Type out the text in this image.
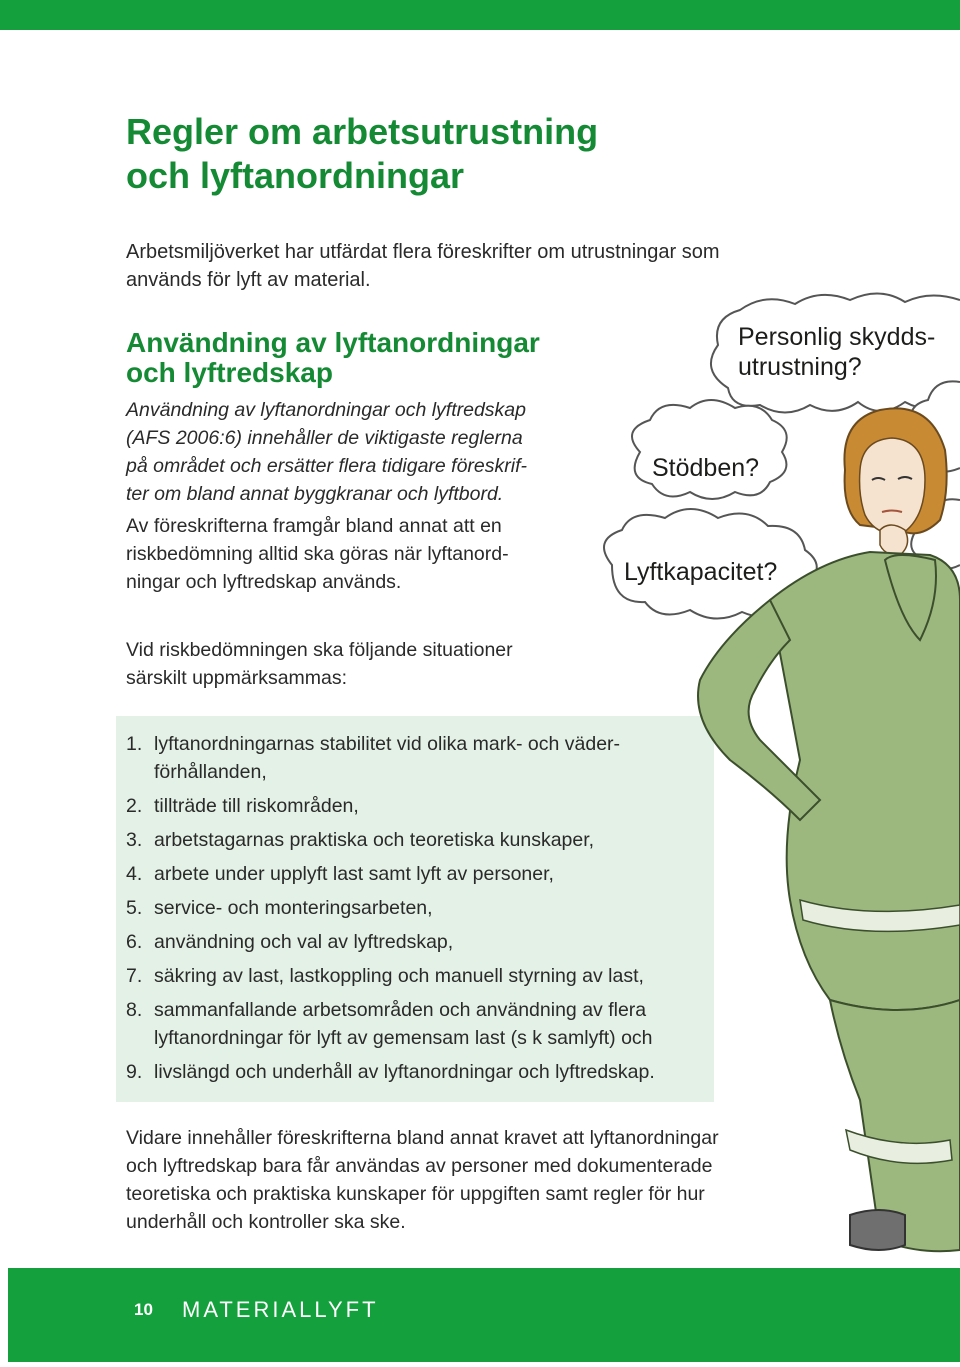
Regler om arbetsutrustning
och lyftanordningar

Arbetsmiljöverket har utfärdat flera föreskrifter om utrustningar som
används för lyft av material.

Användning av lyftanordningar
och lyftredskap

Användning av lyftanordningar och lyftredskap
(AFS 2006:6) innehåller de viktigaste reglerna
på området och ersätter flera tidigare föreskrif-
ter om bland annat byggkranar och lyftbord.

Av föreskrifterna framgår bland annat att en
riskbedömning alltid ska göras när lyftanord-
ningar och lyftredskap används.

Vid riskbedömningen ska följande situationer
särskilt uppmärksammas:

1. lyftanordningarnas stabilitet vid olika mark- och väder-
förhållanden,
2. tillträde till riskområden,
3. arbetstagarnas praktiska och teoretiska kunskaper,
4. arbete under upplyft last samt lyft av personer,
5. service- och monteringsarbeten,
6. användning och val av lyftredskap,
7. säkring av last, lastkoppling och manuell styrning av last,
8. sammanfallande arbetsområden och användning av flera
lyftanordningar för lyft av gemensam last (s k samlyft) och
9. livslängd och underhåll av lyftanordningar och lyftredskap.

Vidare innehåller föreskrifterna bland annat kravet att lyftanordningar
och lyftredskap bara får användas av personer med dokumenterade
teoretiska och praktiska kunskaper för uppgiften samt regler för hur
underhåll och kontroller ska ske.

Personlig skydds-
utrustning?
Stödben?
Lyftkapacitet?
10 MATERIALLYFT
